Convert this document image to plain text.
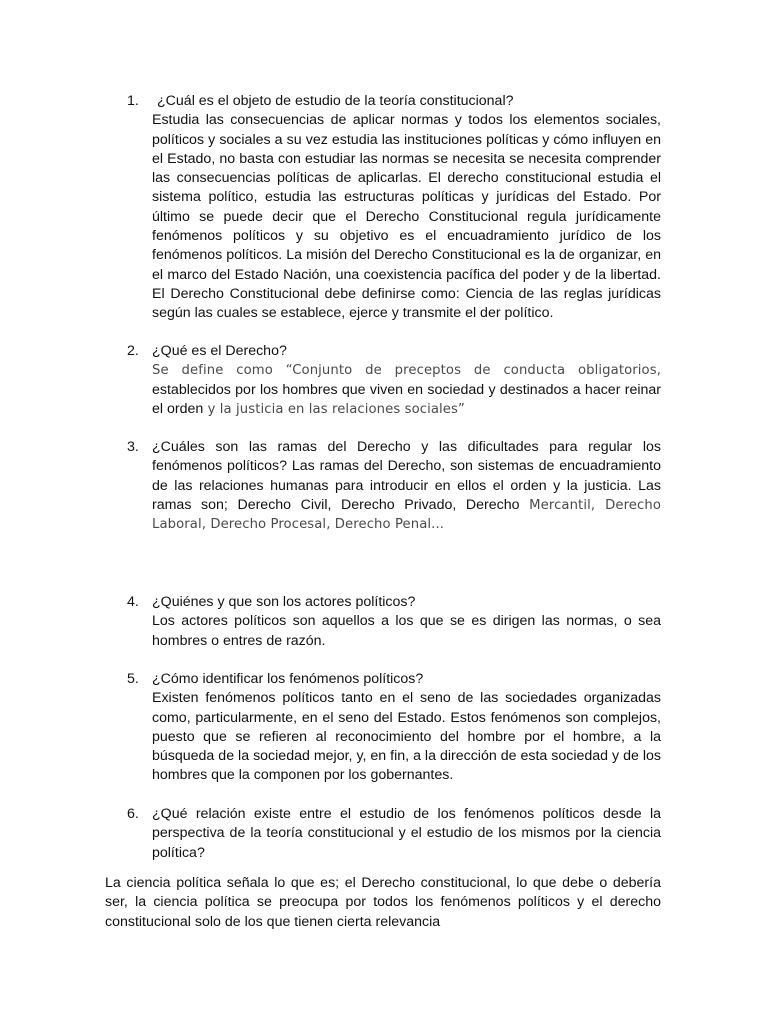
1.	¿Cuál es el objeto de estudio de la teoría constitucional?

Estudia las consecuencias de aplicar normas y todos los elementos sociales, políticos y sociales a su vez estudia las instituciones políticas y cómo influyen en el Estado, no basta con estudiar las normas se necesita se necesita comprender las consecuencias políticas de aplicarlas. El derecho constitucional estudia el sistema político, estudia las estructuras políticas y jurídicas del Estado. Por último se puede decir que el Derecho Constitucional regula jurídicamente fenómenos políticos y su objetivo es el encuadramiento jurídico de los fenómenos políticos. La misión del Derecho Constitucional es la de organizar, en el marco del Estado Nación, una coexistencia pacífica del poder y de la libertad. El Derecho Constitucional debe definirse como: Ciencia de las reglas jurídicas según las cuales se establece, ejerce y transmite el der político.

2. ¿Qué es el Derecho?

Se define como “Conjunto de preceptos de conducta obligatorios, establecidos por los hombres que viven en sociedad y destinados a hacer reinar el orden y la justicia en las relaciones sociales”

3. ¿Cuáles son las ramas del Derecho y las dificultades para regular los fenómenos políticos? Las ramas del Derecho, son sistemas de encuadramiento de las relaciones humanas para introducir en ellos el orden y la justicia. Las ramas son; Derecho Civil, Derecho Privado, Derecho Mercantil, Derecho Laboral, Derecho Procesal, Derecho Penal...

4. ¿Quiénes y que son los actores políticos?

Los actores políticos son aquellos a los que se es dirigen las normas, o sea hombres o entres de razón.

5. ¿Cómo identificar los fenómenos políticos?

Existen fenómenos políticos tanto en el seno de las sociedades organizadas como, particularmente, en el seno del Estado. Estos fenómenos son complejos, puesto que se refieren al reconocimiento del hombre por el hombre, a la búsqueda de la sociedad mejor, y, en fin, a la dirección de esta sociedad y de los hombres que la componen por los gobernantes.

6. ¿Qué relación existe entre el estudio de los fenómenos políticos desde la perspectiva de la teoría constitucional y el estudio de los mismos por la ciencia política?

La ciencia política señala lo que es; el Derecho constitucional, lo que debe o debería ser, la ciencia política se preocupa por todos los fenómenos políticos y el derecho constitucional solo de los que tienen cierta relevancia
